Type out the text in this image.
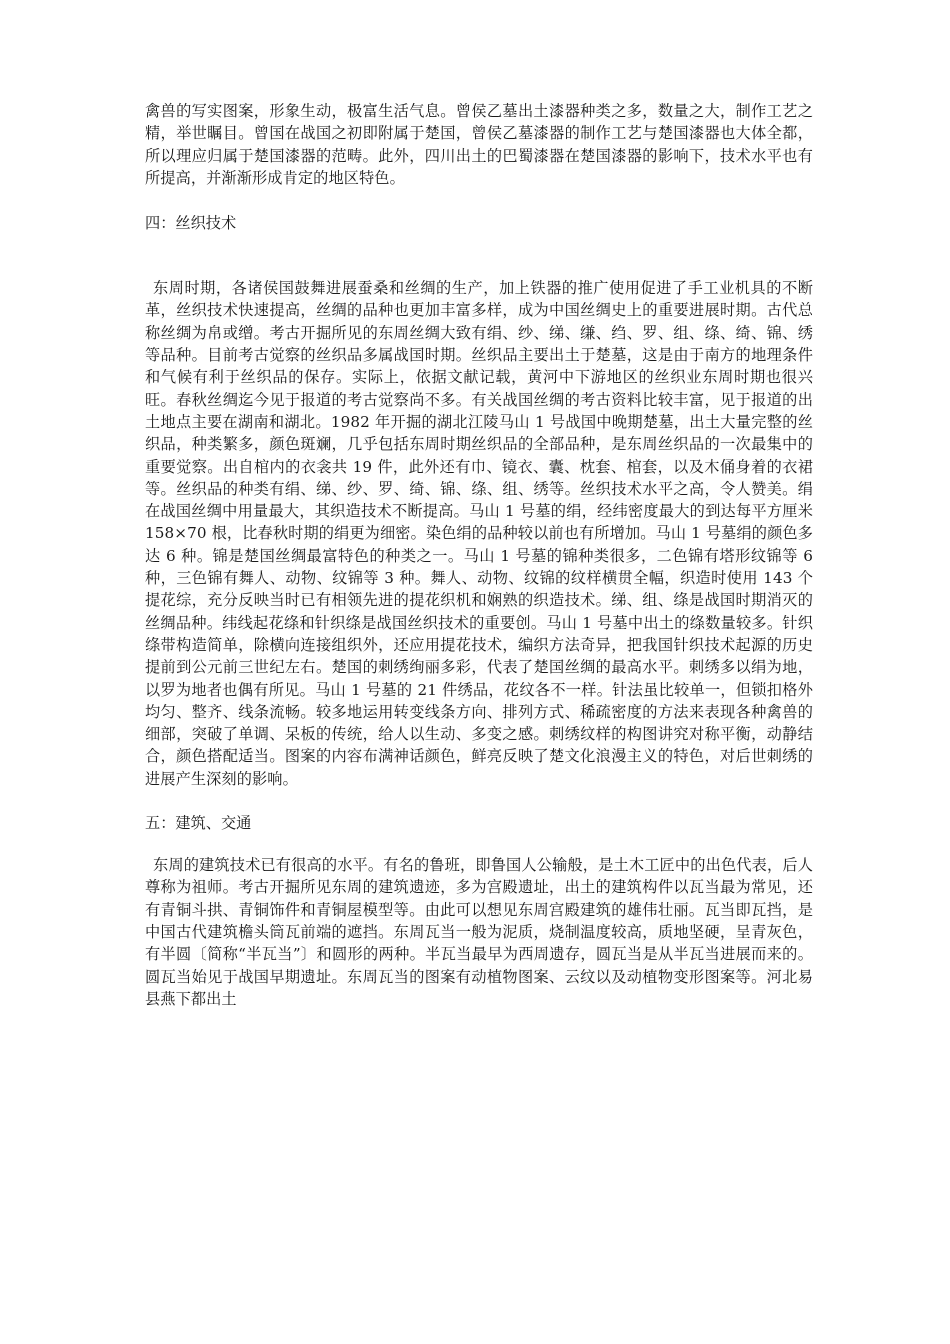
禽兽的写实图案，形象生动，极富生活气息。曾侯乙墓出土漆器种类之多，数量之大，制作工艺之精，举世瞩目。曾国在战国之初即附属于楚国，曾侯乙墓漆器的制作工艺与楚国漆器也大体全都，所以理应归属于楚国漆器的范畴。此外，四川出土的巴蜀漆器在楚国漆器的影响下，技术水平也有所提高，并渐渐形成肯定的地区特色。

四：丝织技术

东周时期，各诸侯国鼓舞进展蚕桑和丝绸的生产，加上铁器的推广使用促进了手工业机具的不断革，丝织技术快速提高，丝绸的品种也更加丰富多样，成为中国丝绸史上的重要进展时期。古代总称丝绸为帛或缯。考古开掘所见的东周丝绸大致有绢、纱、绨、缣、绉、罗、组、绦、绮、锦、绣等品种。目前考古觉察的丝织品多属战国时期。丝织品主要出土于楚墓，这是由于南方的地理条件和气候有利于丝织品的保存。实际上，依据文献记载，黄河中下游地区的丝织业东周时期也很兴旺。春秋丝绸迄今见于报道的考古觉察尚不多。有关战国丝绸的考古资料比较丰富，见于报道的出土地点主要在湖南和湖北。1982 年开掘的湖北江陵马山 1 号战国中晚期楚墓，出土大量完整的丝织品，种类繁多，颜色斑斓，几乎包括东周时期丝织品的全部品种，是东周丝织品的一次最集中的重要觉察。出自棺内的衣衾共 19 件，此外还有巾、镜衣、囊、枕套、棺套，以及木俑身着的衣裙等。丝织品的种类有绢、绨、纱、罗、绮、锦、绦、组、绣等。丝织技术水平之高，令人赞美。绢在战国丝绸中用量最大，其织造技术不断提高。马山 1 号墓的绢，经纬密度最大的到达每平方厘米 158×70 根，比春秋时期的绢更为细密。染色绢的品种较以前也有所增加。马山 1 号墓绢的颜色多达 6 种。锦是楚国丝绸最富特色的种类之一。马山 1 号墓的锦种类很多，二色锦有塔形纹锦等 6 种，三色锦有舞人、动物、纹锦等 3 种。舞人、动物、纹锦的纹样横贯全幅，织造时使用 143 个提花综，充分反映当时已有相领先进的提花织机和娴熟的织造技术。绨、组、绦是战国时期消灭的丝绸品种。纬线起花绦和针织绦是战国丝织技术的重要创。马山 1 号墓中出土的绦数量较多。针织绦带构造简单，除横向连接组织外，还应用提花技术，编织方法奇异，把我国针织技术起源的历史提前到公元前三世纪左右。楚国的刺绣绚丽多彩，代表了楚国丝绸的最高水平。刺绣多以绢为地，以罗为地者也偶有所见。马山 1 号墓的 21 件绣品，花纹各不一样。针法虽比较单一，但锁扣格外均匀、整齐、线条流畅。较多地运用转变线条方向、排列方式、稀疏密度的方法来表现各种禽兽的细部，突破了单调、呆板的传统，给人以生动、多变之感。刺绣纹样的构图讲究对称平衡，动静结合，颜色搭配适当。图案的内容布满神话颜色，鲜亮反映了楚文化浪漫主义的特色，对后世刺绣的进展产生深刻的影响。

五：建筑、交通

东周的建筑技术已有很高的水平。有名的鲁班，即鲁国人公输般，是土木工匠中的出色代表，后人尊称为祖师。考古开掘所见东周的建筑遗迹，多为宫殿遗址，出土的建筑构件以瓦当最为常见，还有青铜斗拱、青铜饰件和青铜屋模型等。由此可以想见东周宫殿建筑的雄伟壮丽。瓦当即瓦挡，是中国古代建筑檐头筒瓦前端的遮挡。东周瓦当一般为泥质，烧制温度较高，质地坚硬，呈青灰色，有半圆〔简称“半瓦当”〕和圆形的两种。半瓦当最早为西周遗存，圆瓦当是从半瓦当进展而来的。圆瓦当始见于战国早期遗址。东周瓦当的图案有动植物图案、云纹以及动植物变形图案等。河北易县燕下都出土
